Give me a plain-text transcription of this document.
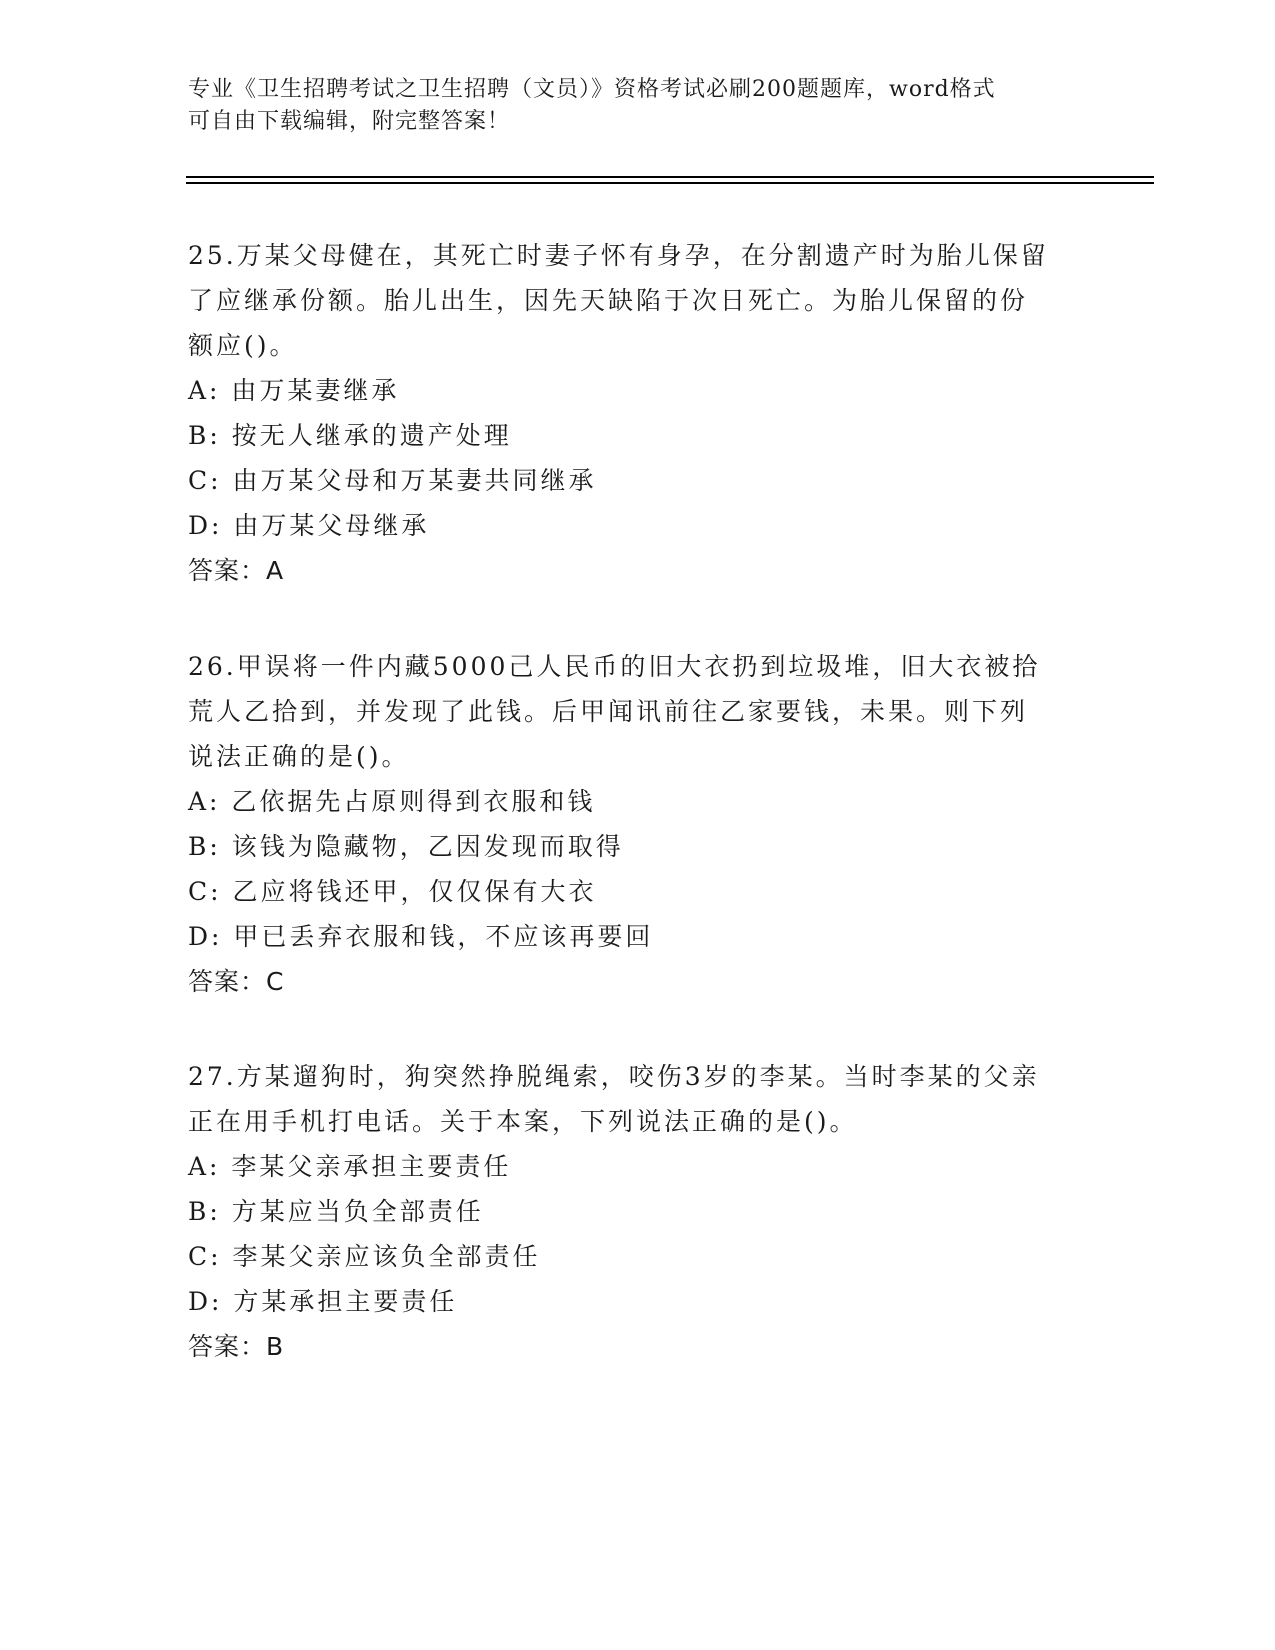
专业《卫生招聘考试之卫生招聘（文员）》资格考试必刷200题题库，word格式
可自由下载编辑，附完整答案！
25.万某父母健在，其死亡时妻子怀有身孕，在分割遗产时为胎儿保留
了应继承份额。胎儿出生，因先天缺陷于次日死亡。为胎儿保留的份
额应()。
A: 由万某妻继承
B: 按无人继承的遗产处理
C: 由万某父母和万某妻共同继承
D: 由万某父母继承
答案：A
26.甲误将一件内藏5000己人民币的旧大衣扔到垃圾堆，旧大衣被拾
荒人乙拾到，并发现了此钱。后甲闻讯前往乙家要钱，未果。则下列
说法正确的是()。
A: 乙依据先占原则得到衣服和钱
B: 该钱为隐藏物，乙因发现而取得
C: 乙应将钱还甲，仅仅保有大衣
D: 甲已丢弃衣服和钱，不应该再要回
答案：C
27.方某遛狗时，狗突然挣脱绳索，咬伤3岁的李某。当时李某的父亲
正在用手机打电话。关于本案，下列说法正确的是()。
A: 李某父亲承担主要责任
B: 方某应当负全部责任
C: 李某父亲应该负全部责任
D: 方某承担主要责任
答案：B
